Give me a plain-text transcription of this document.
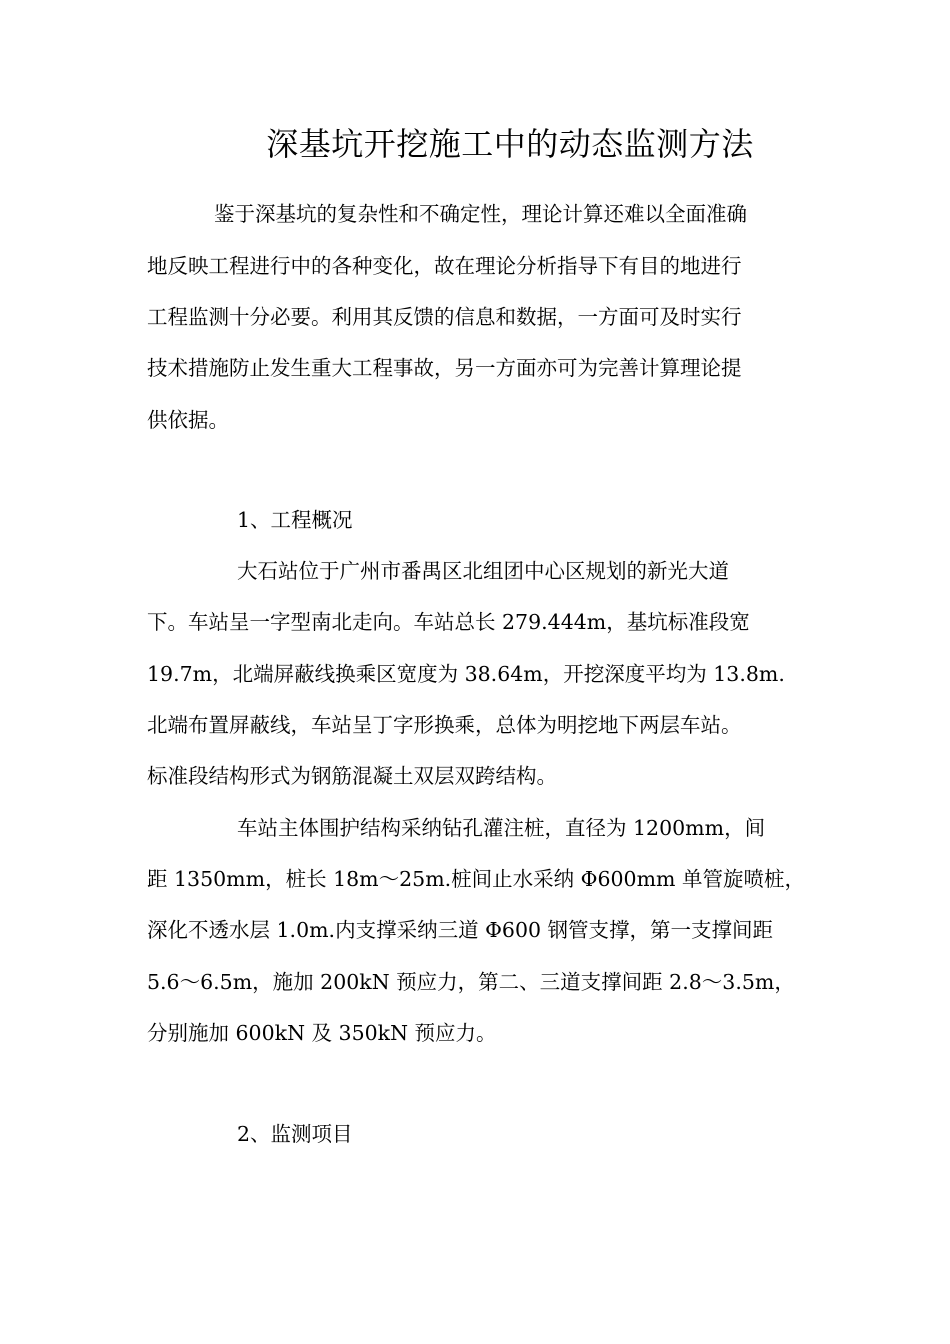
深基坑开挖施工中的动态监测方法
鉴于深基坑的复杂性和不确定性，理论计算还难以全面准确
地反映工程进行中的各种变化，故在理论分析指导下有目的地进行
工程监测十分必要。利用其反馈的信息和数据，一方面可及时实行
技术措施防止发生重大工程事故，另一方面亦可为完善计算理论提
供依据。
1、工程概况
大石站位于广州市番禺区北组团中心区规划的新光大道
下。车站呈一字型南北走向。车站总长 279.444m，基坑标准段宽
19.7m，北端屏蔽线换乘区宽度为 38.64m，开挖深度平均为 13.8m.
北端布置屏蔽线，车站呈丁字形换乘，总体为明挖地下两层车站。
标准段结构形式为钢筋混凝土双层双跨结构。
车站主体围护结构采纳钻孔灌注桩，直径为 1200mm，间
距 1350mm，桩长 18m～25m.桩间止水采纳 Φ600mm 单管旋喷桩，
深化不透水层 1.0m.内支撑采纳三道 Φ600 钢管支撑，第一支撑间距
5.6～6.5m，施加 200kN 预应力，第二、三道支撑间距 2.8～3.5m，
分别施加 600kN 及 350kN 预应力。
2、监测项目
